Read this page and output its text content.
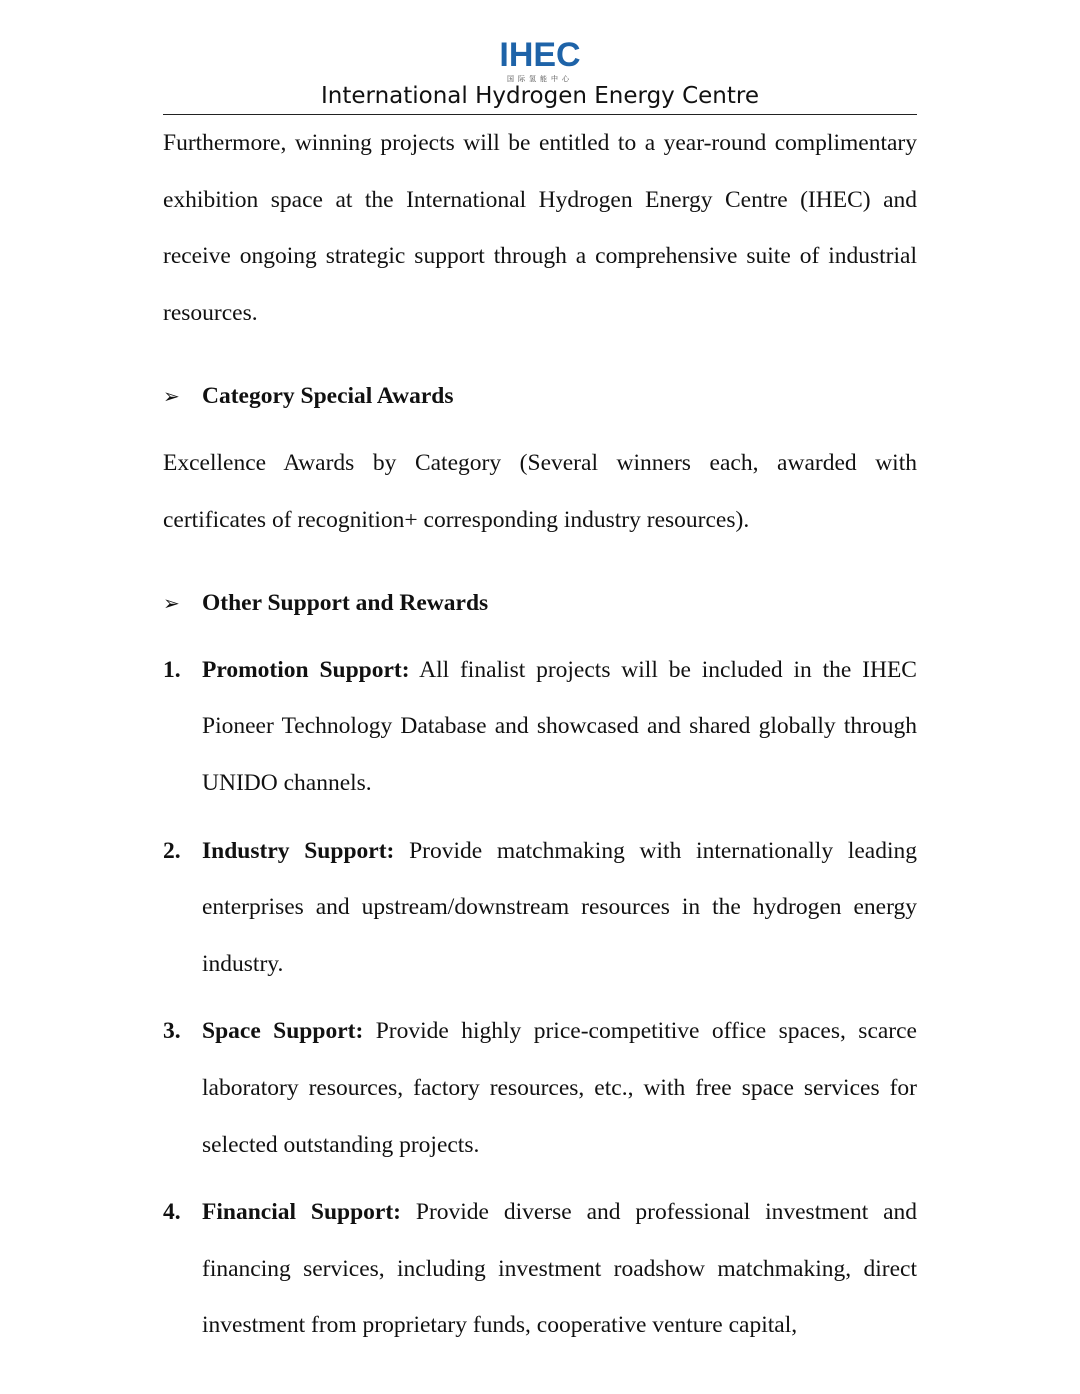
IHEC
国际氢能中心
International Hydrogen Energy Centre

Furthermore, winning projects will be entitled to a year-round complimentary exhibition space at the International Hydrogen Energy Centre (IHEC) and receive ongoing strategic support through a comprehensive suite of industrial resources.

➢ Category Special Awards

Excellence Awards by Category (Several winners each, awarded with certificates of recognition+ corresponding industry resources).

➢ Other Support and Rewards

1. Promotion Support: All finalist projects will be included in the IHEC Pioneer Technology Database and showcased and shared globally through UNIDO channels.

2. Industry Support: Provide matchmaking with internationally leading enterprises and upstream/downstream resources in the hydrogen energy industry.

3. Space Support: Provide highly price-competitive office spaces, scarce laboratory resources, factory resources, etc., with free space services for selected outstanding projects.

4. Financial Support: Provide diverse and professional investment and financing services, including investment roadshow matchmaking, direct investment from proprietary funds, cooperative venture capital,
